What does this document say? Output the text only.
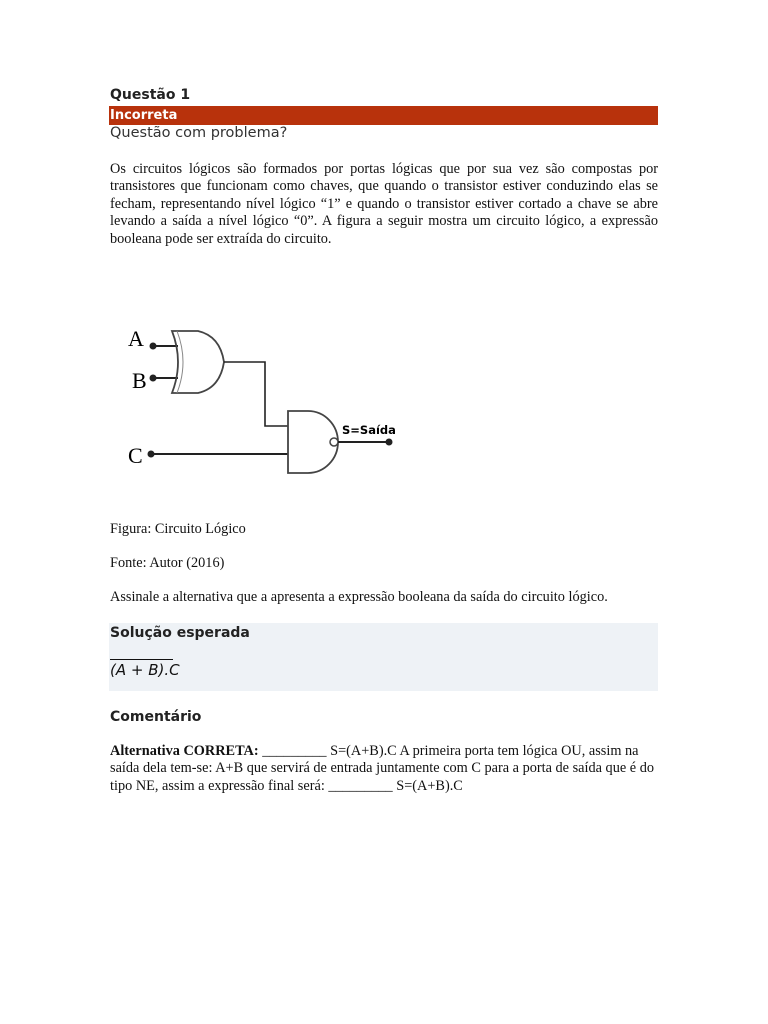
Questão 1
Incorreta
Questão com problema?
Os circuitos lógicos são formados por portas lógicas que por sua vez são compostas por transistores que funcionam como chaves, que quando o transistor estiver conduzindo elas se fecham, representando nível lógico “1” e quando o transistor estiver cortado a chave se abre levando a saída a nível lógico “0”. A figura a seguir mostra um circuito lógico, a expressão booleana pode ser extraída do circuito.
A
B
C
S=Saída
Figura: Circuito Lógico
Fonte: Autor (2016)
Assinale a alternativa que a apresenta a expressão booleana da saída do circuito lógico.
Solução esperada
(A + B).C
Comentário
Alternativa CORRETA: _________ S=(A+B).C A primeira porta tem lógica OU, assim na saída dela tem-se: A+B que servirá de entrada juntamente com C para a porta de saída que é do tipo NE, assim a expressão final será: _________ S=(A+B).C
